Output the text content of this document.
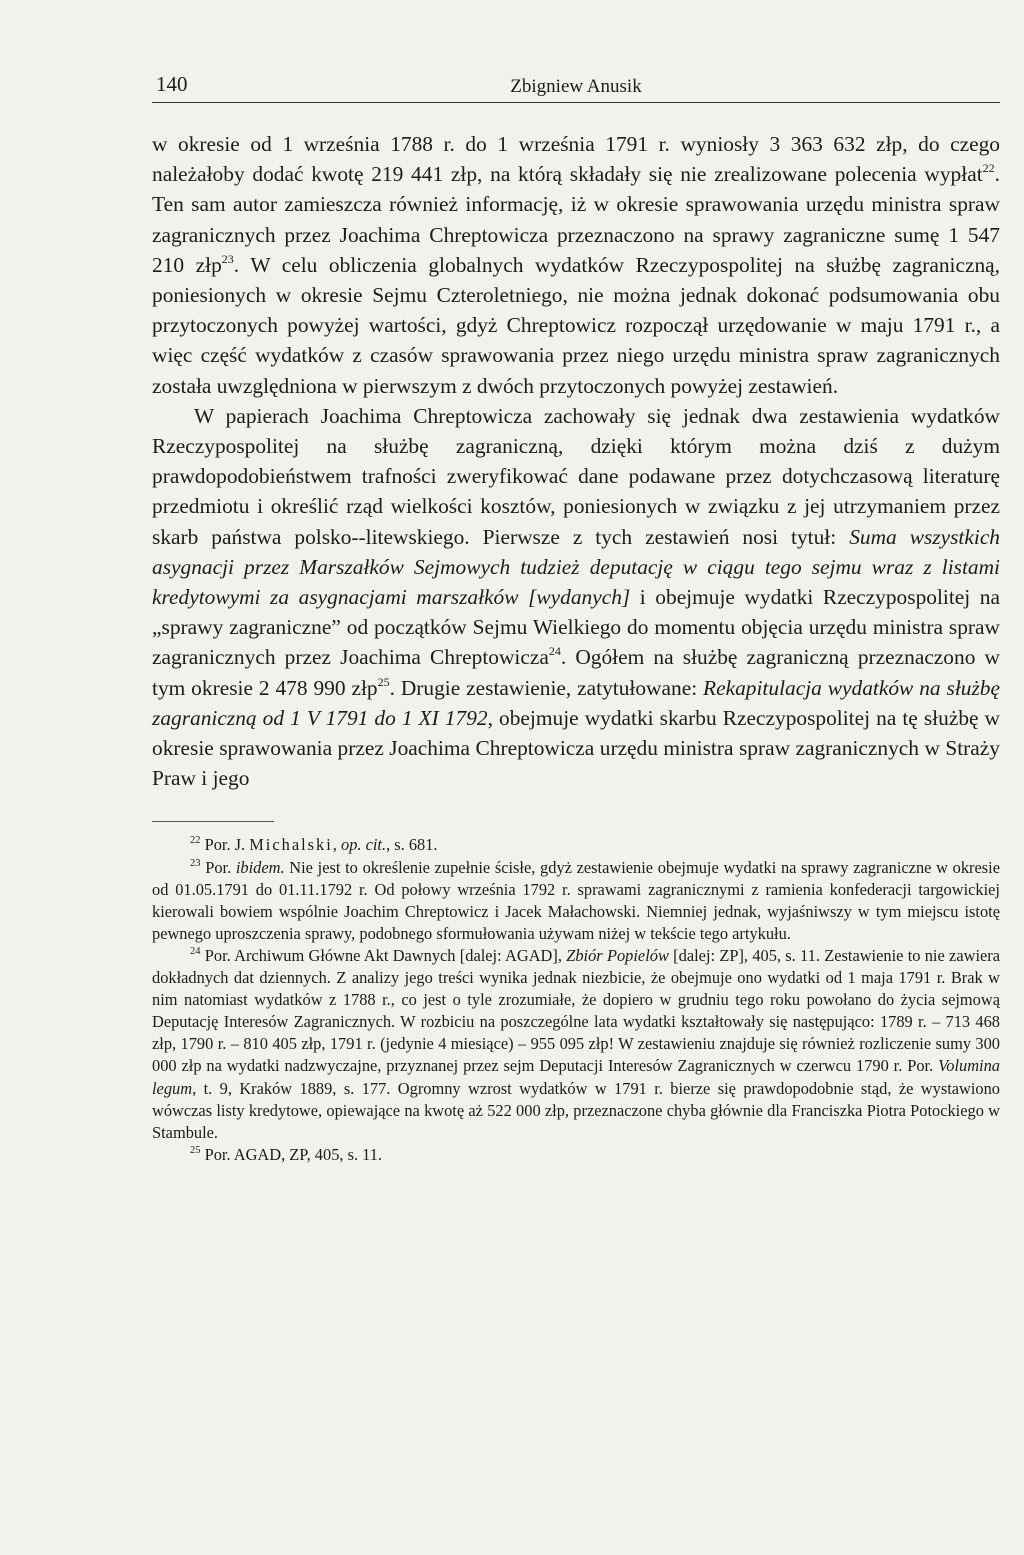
140	Zbigniew Anusik

w okresie od 1 września 1788 r. do 1 września 1791 r. wyniosły 3 363 632 złp, do czego należałoby dodać kwotę 219 441 złp, na którą składały się nie zrealizowane polecenia wypłat$^{22}$. Ten sam autor zamieszcza również informację, iż w okresie sprawowania urzędu ministra spraw zagranicznych przez Joachima Chreptowicza przeznaczono na sprawy zagraniczne sumę 1 547 210 złp$^{23}$. W celu obliczenia globalnych wydatków Rzeczypospolitej na służbę zagraniczną, poniesionych w okresie Sejmu Czteroletniego, nie można jednak dokonać podsumowania obu przytoczonych powyżej wartości, gdyż Chreptowicz rozpoczął urzędowanie w maju 1791 r., a więc część wydatków z czasów sprawowania przez niego urzędu ministra spraw zagranicznych została uwzględniona w pierwszym z dwóch przytoczonych powyżej zestawień.

W papierach Joachima Chreptowicza zachowały się jednak dwa zestawienia wydatków Rzeczypospolitej na służbę zagraniczną, dzięki którym można dziś z dużym prawdopodobieństwem trafności zweryfikować dane podawane przez dotychczasową literaturę przedmiotu i określić rząd wielkości kosztów, poniesionych w związku z jej utrzymaniem przez skarb państwa polsko--litewskiego. Pierwsze z tych zestawień nosi tytuł: Suma wszystkich asygnacji przez Marszałków Sejmowych tudzież deputację w ciągu tego sejmu wraz z listami kredytowymi za asygnacjami marszałków [wydanych] i obejmuje wydatki Rzeczypospolitej na „sprawy zagraniczne” od początków Sejmu Wielkiego do momentu objęcia urzędu ministra spraw zagranicznych przez Joachima Chreptowicza$^{24}$. Ogółem na służbę zagraniczną przeznaczono w tym okresie 2 478 990 złp$^{25}$. Drugie zestawienie, zatytułowane: Rekapitulacja wydatków na służbę zagraniczną od 1 V 1791 do 1 XI 1792, obejmuje wydatki skarbu Rzeczypospolitej na tę służbę w okresie sprawowania przez Joachima Chreptowicza urzędu ministra spraw zagranicznych w Straży Praw i jego

$^{22}$ Por. J. Michalski, op. cit., s. 681.

$^{23}$ Por. ibidem. Nie jest to określenie zupełnie ścisłe, gdyż zestawienie obejmuje wydatki na sprawy zagraniczne w okresie od 01.05.1791 do 01.11.1792 r. Od połowy września 1792 r. sprawami zagranicznymi z ramienia konfederacji targowickiej kierowali bowiem wspólnie Joachim Chreptowicz i Jacek Małachowski. Niemniej jednak, wyjaśniwszy w tym miejscu istotę pewnego uproszczenia sprawy, podobnego sformułowania używam niżej w tekście tego artykułu.

$^{24}$ Por. Archiwum Główne Akt Dawnych [dalej: AGAD], Zbiór Popielów [dalej: ZP], 405, s. 11. Zestawienie to nie zawiera dokładnych dat dziennych. Z analizy jego treści wynika jednak niezbicie, że obejmuje ono wydatki od 1 maja 1791 r. Brak w nim natomiast wydatków z 1788 r., co jest o tyle zrozumiałe, że dopiero w grudniu tego roku powołano do życia sejmową Deputację Interesów Zagranicznych. W rozbiciu na poszczególne lata wydatki kształtowały się następująco: 1789 r. – 713 468 złp, 1790 r. – 810 405 złp, 1791 r. (jedynie 4 miesiące) – 955 095 złp! W zestawieniu znajduje się również rozliczenie sumy 300 000 złp na wydatki nadzwyczajne, przyznanej przez sejm Deputacji Interesów Zagranicznych w czerwcu 1790 r. Por. Volumina legum, t. 9, Kraków 1889, s. 177. Ogromny wzrost wydatków w 1791 r. bierze się prawdopodobnie stąd, że wystawiono wówczas listy kredytowe, opiewające na kwotę aż 522 000 złp, przeznaczone chyba głównie dla Franciszka Piotra Potockiego w Stambule.

$^{25}$ Por. AGAD, ZP, 405, s. 11.
